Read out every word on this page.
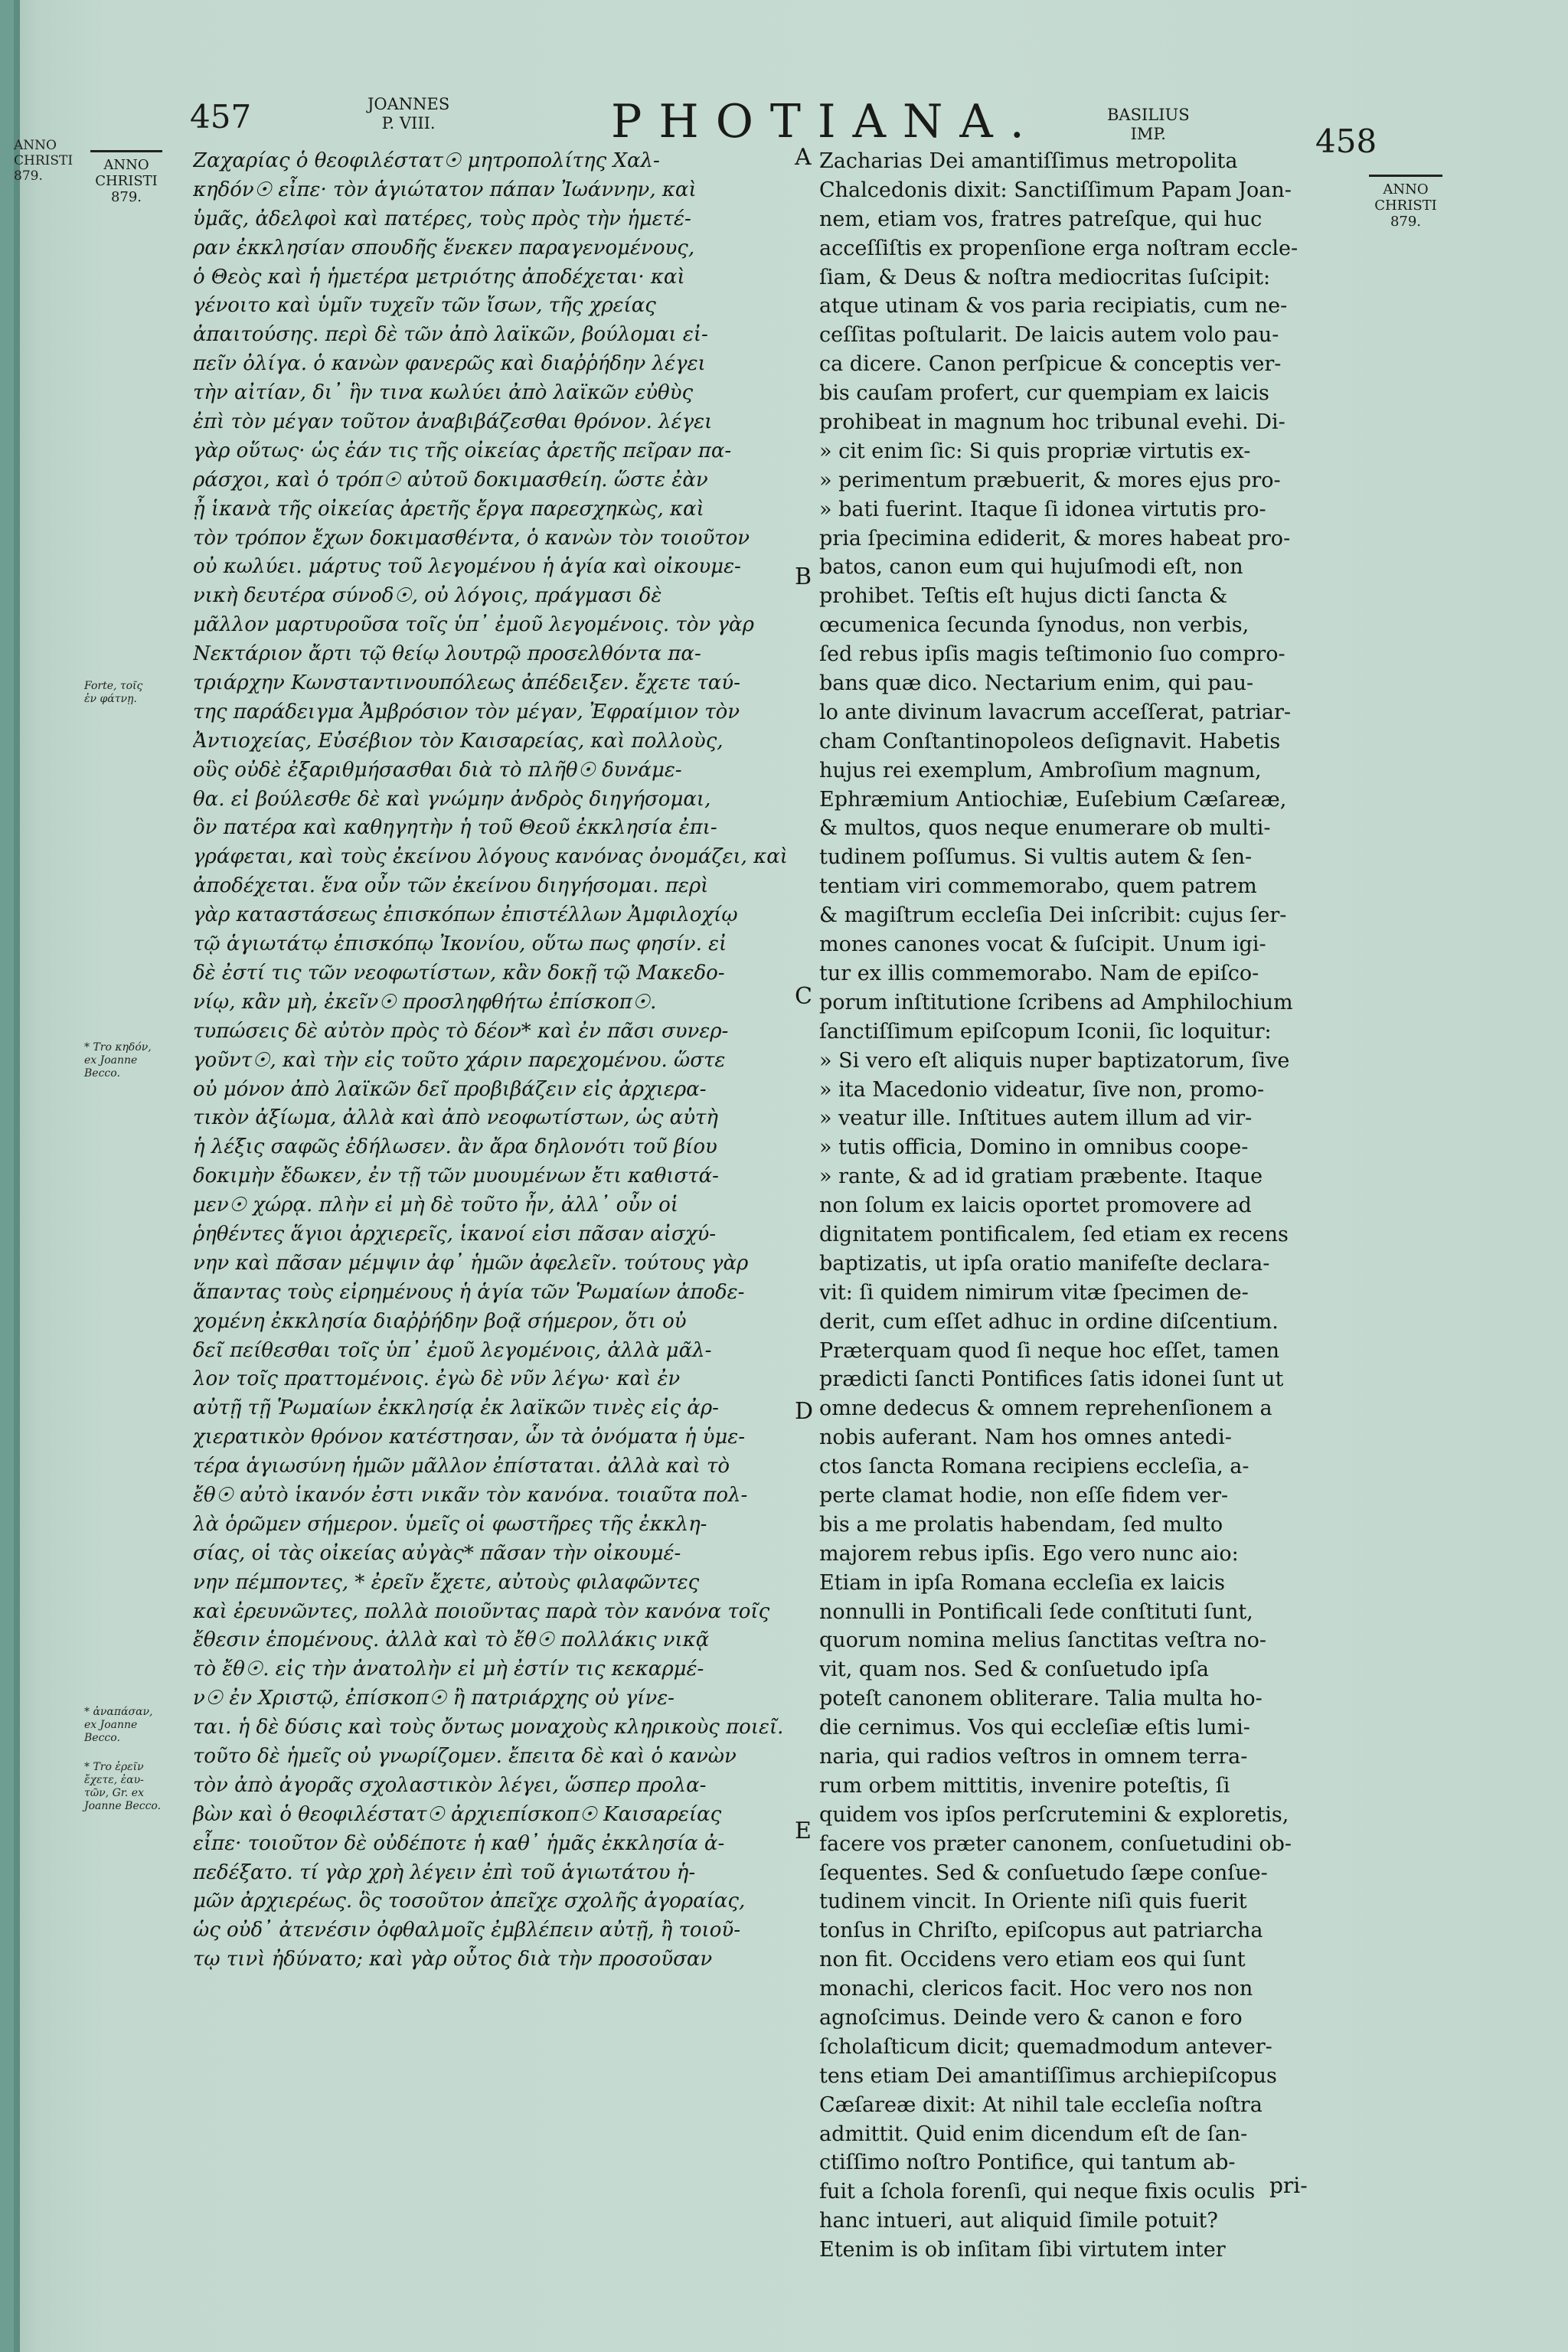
457	JOANNES
P. VIII.	PHOTIANA.	BASILIUS
IMP.	458
ANNO
CHRISTI
879.
ANNO
CHRISTI
879.	ANNO
CHRISTI
879.
Forte, τοῖς
ἐν φάτνῃ.
* Tro κηδόν,
ex Joanne
Becco.
* ἀναπάσαν,
ex Joanne
Becco.
* Tro ἐρεῖν
ἔχετε, ἐαυ-
τῶν, Gr. ex
Joanne Becco.
A
B
C
D
E
Ζαχαρίας ὁ θεοφιλέστατ☉ μητροπολίτης Χαλ-
κηδόν☉ εἶπε· τὸν ἁγιώτατον πάπαν Ἰωάννην, καὶ
ὑμᾶς, ἀδελφοὶ καὶ πατέρες, τοὺς πρὸς τὴν ἡμετέ-
ραν ἐκκλησίαν σπουδῆς ἕνεκεν παραγενομένους,
ὁ Θεὸς καὶ ἡ ἡμετέρα μετριότης ἀποδέχεται· καὶ
γένοιτο καὶ ὑμῖν τυχεῖν τῶν ἴσων, τῆς χρείας
ἀπαιτούσης. περὶ δὲ τῶν ἀπὸ λαϊκῶν, βούλομαι εἰ-
πεῖν ὀλίγα. ὁ κανὼν φανερῶς καὶ διαῤῥήδην λέγει
τὴν αἰτίαν, δι᾽ ἣν τινα κωλύει ἀπὸ λαϊκῶν εὐθὺς
ἐπὶ τὸν μέγαν τοῦτον ἀναβιβάζεσθαι θρόνον. λέγει
γὰρ οὕτως· ὡς ἐάν τις τῆς οἰκείας ἀρετῆς πεῖραν πα-
ράσχοι, καὶ ὁ τρόπ☉ αὐτοῦ δοκιμασθείη. ὥστε ἐὰν
ᾖ ἱκανὰ τῆς οἰκείας ἀρετῆς ἔργα παρεσχηκὼς, καὶ
τὸν τρόπον ἔχων δοκιμασθέντα, ὁ κανὼν τὸν τοιοῦτον
οὐ κωλύει. μάρτυς τοῦ λεγομένου ἡ ἁγία καὶ οἰκουμε-
νικὴ δευτέρα σύνοδ☉, οὐ λόγοις, πράγμασι δὲ
μᾶλλον μαρτυροῦσα τοῖς ὑπ᾽ ἐμοῦ λεγομένοις. τὸν γὰρ
Νεκτάριον ἄρτι τῷ θείῳ λουτρῷ προσελθόντα πα-
τριάρχην Κωνσταντινουπόλεως ἀπέδειξεν. ἔχετε ταύ-
της παράδειγμα Ἀμβρόσιον τὸν μέγαν, Ἐφραίμιον τὸν
Ἀντιοχείας, Εὐσέβιον τὸν Καισαρείας, καὶ πολλοὺς,
οὓς οὐδὲ ἐξαριθμήσασθαι διὰ τὸ πλῆθ☉ δυνάμε-
θα. εἰ βούλεσθε δὲ καὶ γνώμην ἀνδρὸς διηγήσομαι,
ὃν πατέρα καὶ καθηγητὴν ἡ τοῦ Θεοῦ ἐκκλησία ἐπι-
γράφεται, καὶ τοὺς ἐκείνου λόγους κανόνας ὀνομάζει, καὶ
ἀποδέχεται. ἕνα οὖν τῶν ἐκείνου διηγήσομαι. περὶ
γὰρ καταστάσεως ἐπισκόπων ἐπιστέλλων Ἀμφιλοχίῳ
τῷ ἁγιωτάτῳ ἐπισκόπῳ Ἰκονίου, οὕτω πως φησίν. εἰ
δὲ ἐστί τις τῶν νεοφωτίστων, κἂν δοκῇ τῷ Μακεδο-
νίῳ, κἂν μὴ, ἐκεῖν☉ προσληφθήτω ἐπίσκοπ☉.
τυπώσεις δὲ αὐτὸν πρὸς τὸ δέον* καὶ ἐν πᾶσι συνερ-
γοῦντ☉, καὶ τὴν εἰς τοῦτο χάριν παρεχομένου. ὥστε
οὐ μόνον ἀπὸ λαϊκῶν δεῖ προβιβάζειν εἰς ἀρχιερα-
τικὸν ἀξίωμα, ἀλλὰ καὶ ἀπὸ νεοφωτίστων, ὡς αὐτὴ
ἡ λέξις σαφῶς ἐδήλωσεν. ἂν ἄρα δηλονότι τοῦ βίου
δοκιμὴν ἔδωκεν, ἐν τῇ τῶν μυουμένων ἔτι καθιστά-
μεν☉ χώρᾳ. πλὴν εἰ μὴ δὲ τοῦτο ἦν, ἀλλ᾽ οὖν οἱ
ῥηθέντες ἅγιοι ἀρχιερεῖς, ἱκανοί εἰσι πᾶσαν αἰσχύ-
νην καὶ πᾶσαν μέμψιν ἀφ᾽ ἡμῶν ἀφελεῖν. τούτους γὰρ
ἅπαντας τοὺς εἰρημένους ἡ ἁγία τῶν Ῥωμαίων ἀποδε-
χομένη ἐκκλησία διαῤῥήδην βοᾷ σήμερον, ὅτι οὐ
δεῖ πείθεσθαι τοῖς ὑπ᾽ ἐμοῦ λεγομένοις, ἀλλὰ μᾶλ-
λον τοῖς πραττομένοις. ἐγὼ δὲ νῦν λέγω· καὶ ἐν
αὐτῇ τῇ Ῥωμαίων ἐκκλησίᾳ ἐκ λαϊκῶν τινὲς εἰς ἀρ-
χιερατικὸν θρόνον κατέστησαν, ὧν τὰ ὀνόματα ἡ ὑμε-
τέρα ἁγιωσύνη ἡμῶν μᾶλλον ἐπίσταται. ἀλλὰ καὶ τὸ
ἔθ☉ αὐτὸ ἱκανόν ἐστι νικᾶν τὸν κανόνα. τοιαῦτα πολ-
λὰ ὁρῶμεν σήμερον. ὑμεῖς οἱ φωστῆρες τῆς ἐκκλη-
σίας, οἱ τὰς οἰκείας αὐγὰς* πᾶσαν τὴν οἰκουμέ-
νην πέμποντες, * ἐρεῖν ἔχετε, αὐτοὺς φιλαφῶντες
καὶ ἐρευνῶντες, πολλὰ ποιοῦντας παρὰ τὸν κανόνα τοῖς
ἔθεσιν ἑπομένους. ἀλλὰ καὶ τὸ ἔθ☉ πολλάκις νικᾷ
τὸ ἔθ☉. εἰς τὴν ἀνατολὴν εἰ μὴ ἐστίν τις κεκαρμέ-
ν☉ ἐν Χριστῷ, ἐπίσκοπ☉ ἢ πατριάρχης οὐ γίνε-
ται. ἡ δὲ δύσις καὶ τοὺς ὄντως μοναχοὺς κληρικοὺς ποιεῖ.
τοῦτο δὲ ἡμεῖς οὐ γνωρίζομεν. ἔπειτα δὲ καὶ ὁ κανὼν
τὸν ἀπὸ ἀγορᾶς σχολαστικὸν λέγει, ὥσπερ προλα-
βὼν καὶ ὁ θεοφιλέστατ☉ ἀρχιεπίσκοπ☉ Καισαρείας
εἶπε· τοιοῦτον δὲ οὐδέποτε ἡ καθ᾽ ἡμᾶς ἐκκλησία ἀ-
πεδέξατο. τί γὰρ χρὴ λέγειν ἐπὶ τοῦ ἁγιωτάτου ἡ-
μῶν ἀρχιερέως. ὃς τοσοῦτον ἀπεῖχε σχολῆς ἀγοραίας,
ὡς οὐδ᾽ ἀτενέσιν ὀφθαλμοῖς ἐμβλέπειν αὐτῇ, ἢ τοιοῦ-
τῳ τινὶ ἠδύνατο; καὶ γὰρ οὗτος διὰ τὴν προσοῦσαν
Zacharias Dei amantiſſimus metropolita
Chalcedonis dixit: Sanctiſſimum Papam Joan-
nem, etiam vos, fratres patreſque, qui huc
acceſſiſtis ex propenſione erga noſtram eccle-
ſiam, & Deus & noſtra mediocritas ſuſcipit:
atque utinam & vos paria recipiatis, cum ne-
ceſſitas poſtularit. De laicis autem volo pau-
ca dicere. Canon perſpicue & conceptis ver-
bis cauſam profert, cur quempiam ex laicis
prohibeat in magnum hoc tribunal evehi. Di-
» cit enim ſic: Si quis propriæ virtutis ex-
» perimentum præbuerit, & mores ejus pro-
» bati fuerint. Itaque ſi idonea virtutis pro-
pria ſpecimina ediderit, & mores habeat pro-
batos, canon eum qui hujuſmodi eſt, non
prohibet. Teſtis eſt hujus dicti ſancta &
œcumenica ſecunda ſynodus, non verbis,
ſed rebus ipſis magis teſtimonio ſuo compro-
bans quæ dico. Nectarium enim, qui pau-
lo ante divinum lavacrum acceſſerat, patriar-
cham Conſtantinopoleos deſignavit. Habetis
hujus rei exemplum, Ambroſium magnum,
Ephræmium Antiochiæ, Euſebium Cæſareæ,
& multos, quos neque enumerare ob multi-
tudinem poſſumus. Si vultis autem & ſen-
tentiam viri commemorabo, quem patrem
& magiſtrum eccleſia Dei inſcribit: cujus ſer-
mones canones vocat & ſuſcipit. Unum igi-
tur ex illis commemorabo. Nam de epiſco-
porum inſtitutione ſcribens ad Amphilochium
ſanctiſſimum epiſcopum Iconii, ſic loquitur:
» Si vero eſt aliquis nuper baptizatorum, ſive
» ita Macedonio videatur, ſive non, promo-
» veatur ille. Inſtitues autem illum ad vir-
» tutis officia, Domino in omnibus coope-
» rante, & ad id gratiam præbente. Itaque
non ſolum ex laicis oportet promovere ad
dignitatem pontificalem, ſed etiam ex recens
baptizatis, ut ipſa oratio manifeſte declara-
vit: ſi quidem nimirum vitæ ſpecimen de-
derit, cum eſſet adhuc in ordine diſcentium.
Præterquam quod ſi neque hoc eſſet, tamen
prædicti ſancti Pontifices ſatis idonei ſunt ut
omne dedecus & omnem reprehenſionem a
nobis auferant. Nam hos omnes antedi-
ctos ſancta Romana recipiens eccleſia, a-
perte clamat hodie, non eſſe fidem ver-
bis a me prolatis habendam, ſed multo
majorem rebus ipſis. Ego vero nunc aio:
Etiam in ipſa Romana eccleſia ex laicis
nonnulli in Pontificali ſede conſtituti ſunt,
quorum nomina melius ſanctitas veſtra no-
vit, quam nos. Sed & conſuetudo ipſa
poteſt canonem obliterare. Talia multa ho-
die cernimus. Vos qui eccleſiæ eſtis lumi-
naria, qui radios veſtros in omnem terra-
rum orbem mittitis, invenire poteſtis, ſi
quidem vos ipſos perſcrutemini & exploretis,
facere vos præter canonem, conſuetudini ob-
ſequentes. Sed & conſuetudo ſæpe conſue-
tudinem vincit. In Oriente niſi quis fuerit
tonſus in Chriſto, epiſcopus aut patriarcha
non fit. Occidens vero etiam eos qui ſunt
monachi, clericos facit. Hoc vero nos non
agnoſcimus. Deinde vero & canon e foro
ſcholaſticum dicit; quemadmodum antever-
tens etiam Dei amantiſſimus archiepiſcopus
Cæſareæ dixit: At nihil tale eccleſia noſtra
admittit. Quid enim dicendum eſt de ſan-
ctiſſimo noſtro Pontifice, qui tantum ab-
fuit a ſchola forenſi, qui neque fixis oculis
hanc intueri, aut aliquid ſimile potuit?
Etenim is ob inſitam ſibi virtutem inter
pri-
